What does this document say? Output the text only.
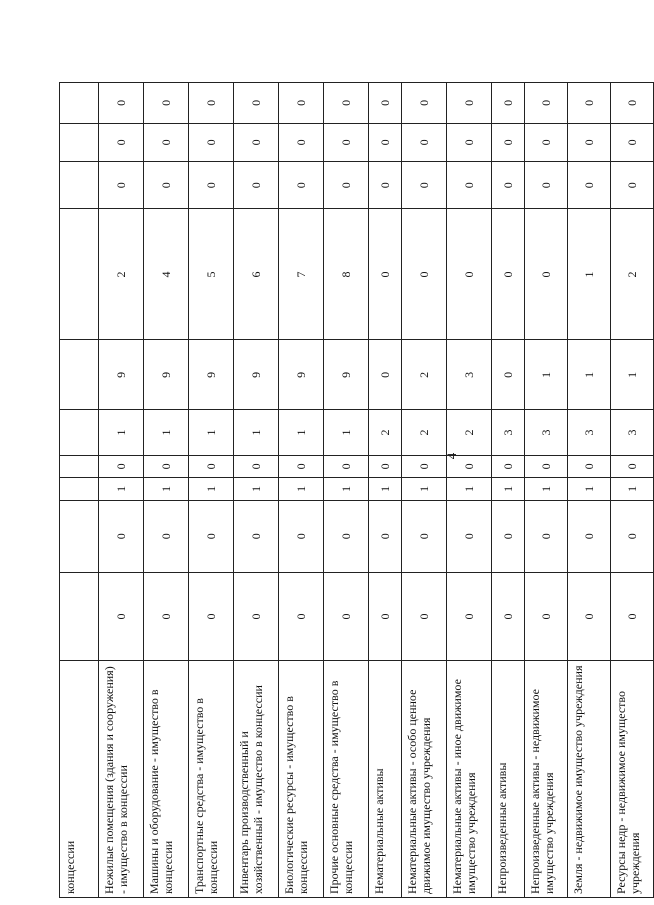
4
концессии										
Нежилые помещения (здания и сооружения) - имущество в концессии	0	0	1	0	1	9	2	0	0	0
Машины и оборудование - имущество в концессии	0	0	1	0	1	9	4	0	0	0
Транспортные средства - имущество в концессии	0	0	1	0	1	9	5	0	0	0
Инвентарь производственный и хозяйственный - имущество в концессии	0	0	1	0	1	9	6	0	0	0
Биологические ресурсы - имущество в концессии	0	0	1	0	1	9	7	0	0	0
Прочие основные средства - имущество в концессии	0	0	1	0	1	9	8	0	0	0
Нематериальные активы	0	0	1	0	2	0	0	0	0	0
Нематериальные активы - особо ценное движимое имущество учреждения	0	0	1	0	2	2	0	0	0	0
Нематериальные активы - иное движимое имущество учреждения	0	0	1	0	2	3	0	0	0	0
Непроизведенные активы	0	0	1	0	3	0	0	0	0	0
Непроизведенные активы - недвижимое имущество учреждения	0	0	1	0	3	1	0	0	0	0
Земля - недвижимое имущество учреждения	0	0	1	0	3	1	1	0	0	0
Ресурсы недр - недвижимое имущество учреждения	0	0	1	0	3	1	2	0	0	0
